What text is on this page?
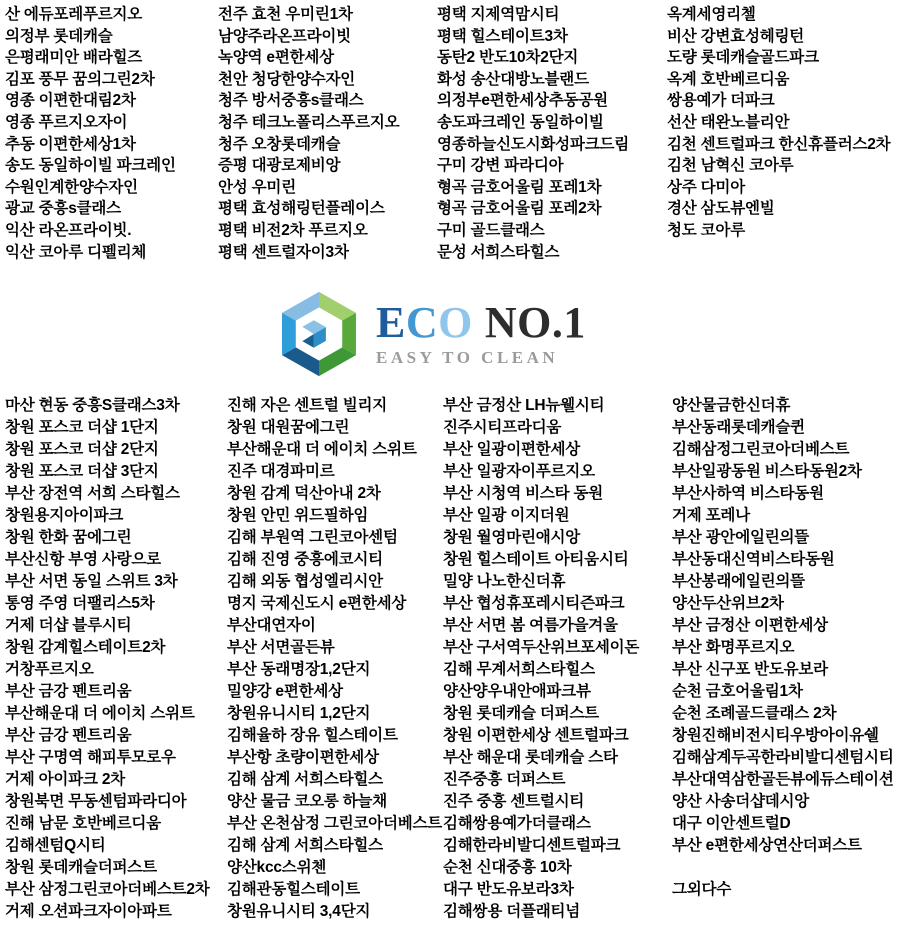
산 에듀포레푸르지오
의정부 롯데캐슬
은평래미안 배라힐즈
김포 풍무 꿈의그린2차
영종 이편한대림2차
영종 푸르지오자이
추동 이편한세상1차
송도 동일하이빌 파크레인
수원인계한양수자인
광교 중흥s클래스
익산 라온프라이빗.
익산 코아루 디펠리체
전주 효천 우미린1차
남양주라온프라이빗
녹양역 e편한세상
천안 청당한양수자인
청주 방서중흥s클래스
청주 테크노폴리스푸르지오
청주 오창롯데캐슬
증평 대광로제비앙
안성 우미린
평택 효성해링턴플레이스
평택 비전2차 푸르지오
평택 센트럴자이3차
평택 지제역맘시티
평택 힐스테이트3차
동탄2 반도10차2단지
화성 송산대방노블랜드
의정부e편한세상추동공원
송도파크레인 동일하이빌
영종하늘신도시화성파크드림
구미 강변 파라디아
형곡 금호어울림 포레1차
형곡 금호어울림 포레2차
구미 골드클래스
문성 서희스타힐스
옥계세영리첼
비산 강변효성헤링턴
도량 롯데캐슬골드파크
옥계 호반베르디움
쌍용예가 더파크
선산 태완노블리안
김천 센트럴파크 한신휴플러스2차
김천 남혁신 코아루
상주 다미아
경산 삼도뷰엔빌
청도 코아루
ECO NO.1
EASY TO CLEAN
마산 현동 중흥S클래스3차
창원 포스코 더샵 1단지
창원 포스코 더샵 2단지
창원 포스코 더샵 3단지
부산 장전역 서희 스타힐스
창원용지아이파크
창원 한화 꿈에그린
부산신항 부영 사랑으로
부산 서면 동일 스위트 3차
통영 주영 더팰리스5차
거제 더샵 블루시티
창원 감계힐스테이트2차
거창푸르지오
부산 금강 펜트리움
부산해운대 더 에이치 스위트
부산 금강 펜트리움
부산 구명역 해피투모로우
거제 아이파크 2차
창원북면 무동센텀파라디아
진해 남문 호반베르디움
김해센텀Q시티
창원 롯데캐슬더퍼스트
부산 삼정그린코아더베스트2차
거제 오션파크자이아파트
진해 자은 센트럴 빌리지
창원 대원꿈에그린
부산해운대 더 에이치 스위트
진주 대경파미르
창원 감계 덕산아내 2차
창원 안민 위드필하임
김해 부원역 그린코아센텀
김해 진영 중흥에코시티
김해 외동 협성엘리시안
명지 국제신도시 e편한세상
부산대연자이
부산 서면골든뷰
부산 동래명장1,2단지
밀양강 e편한세상
창원유니시티 1,2단지
김해율하 장유 힐스테이트
부산항 초량이편한세상
김해 삼계 서희스타힐스
양산 물금 코오롱 하늘채
부산 온천삼정 그린코아더베스트
김해 삼계 서희스타힐스
양산kcc스위첸
김해관동힐스테이트
창원유니시티 3,4단지
부산 금정산 LH뉴웰시티
진주시티프라디움
부산 일광이편한세상
부산 일광자이푸르지오
부산 시청역 비스타 동원
부산 일광 이지더원
창원 월영마린애시앙
창원 힐스테이트 아티움시티
밀양 나노한신더휴
부산 협성휴포레시티즌파크
부산 서면 봄 여름가을겨울
부산 구서역두산위브포세이돈
김해 무계서희스타힐스
양산양우내안애파크뷰
창원 롯데캐슬 더퍼스트
창원 이편한세상 센트럴파크
부산 해운대 롯데캐슬 스타
진주중흥 더퍼스트
진주 중흥 센트럴시티
김해쌍용예가더클래스
김해한라비발디센트럴파크
순천 신대중흥 10차
대구 반도유보라3차
김해쌍용 더플래티넘
양산물금한신더휴
부산동래롯데캐슬퀸
김해삼정그린코아더베스트
부산일광동원 비스타동원2차
부산사하역 비스타동원
거제 포레나
부산 광안에일린의뜰
부산동대신역비스타동원
부산봉래에일린의뜰
양산두산위브2차
부산 금정산 이편한세상
부산 화명푸르지오
부산 신구포 반도유보라
순천 금호어울림1차
순천 조례골드클래스 2차
창원진해비전시티우방아이유쉘
김해삼계두곡한라비발디센텀시티
부산대역삼한골든뷰에듀스테이션
양산 사송더샵데시앙
대구 이안센트럴D
부산 e편한세상연산더퍼스트
그외다수
